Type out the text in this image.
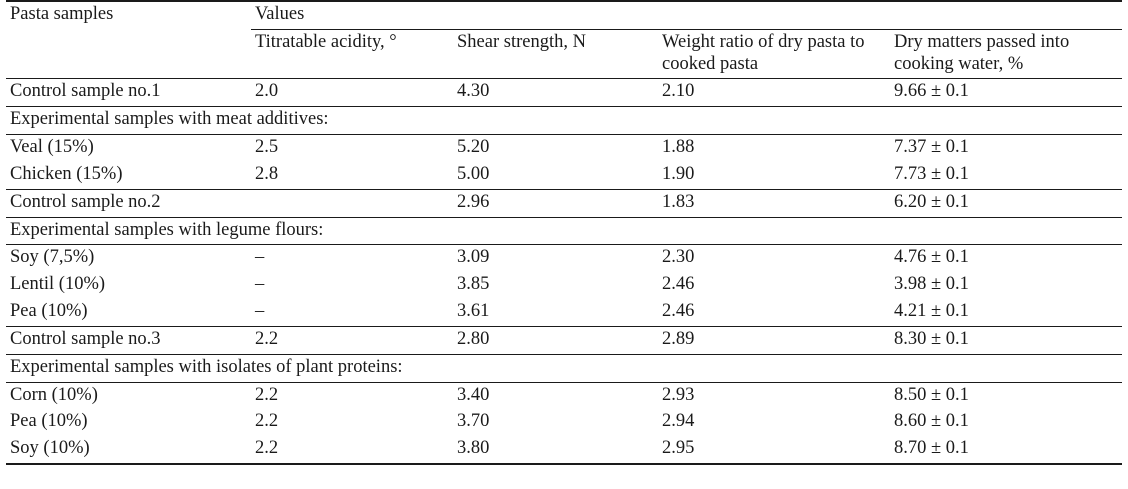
Pasta samples	Values			
	Titratable acidity, °	Shear strength, N	Weight ratio of dry pasta to cooked pasta	Dry matters passed into cooking water, %
Control sample no.1	2.0	4.30	2.10	9.66 ± 0.1
Experimental samples with meat additives:				
Veal (15%)	2.5	5.20	1.88	7.37 ± 0.1
Chicken (15%)	2.8	5.00	1.90	7.73 ± 0.1
Control sample no.2		2.96	1.83	6.20 ± 0.1
Experimental samples with legume flours:				
Soy (7,5%)	–	3.09	2.30	4.76 ± 0.1
Lentil (10%)	–	3.85	2.46	3.98 ± 0.1
Pea (10%)	–	3.61	2.46	4.21 ± 0.1
Control sample no.3	2.2	2.80	2.89	8.30 ± 0.1
Experimental samples with isolates of plant proteins:				
Corn (10%)	2.2	3.40	2.93	8.50 ± 0.1
Pea (10%)	2.2	3.70	2.94	8.60 ± 0.1
Soy (10%)	2.2	3.80	2.95	8.70 ± 0.1
